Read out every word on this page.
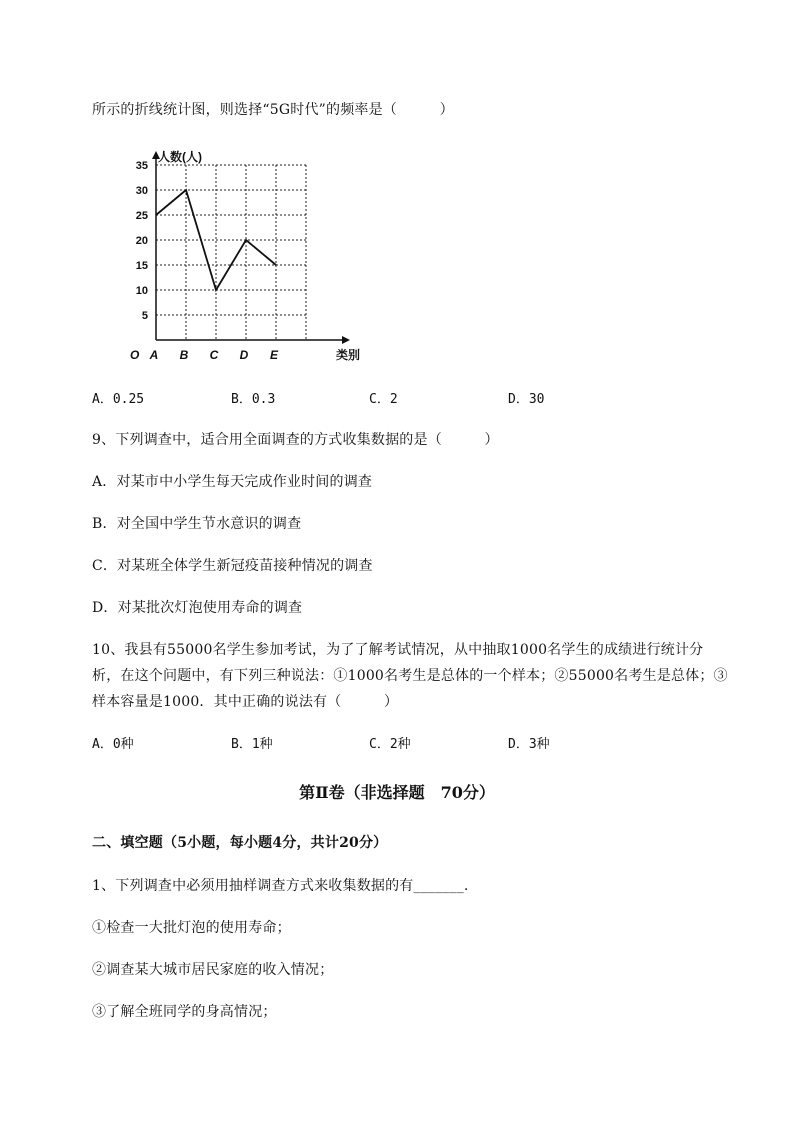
所示的折线统计图，则选择“5G时代”的频率是（　　　）
5
10
15
20
25
30
35
人数(人)
O A B C D E	类别
A．0.25	B．0.3	C．2	D．30
9、下列调查中，适合用全面调查的方式收集数据的是（　　　）
A．对某市中小学生每天完成作业时间的调查
B．对全国中学生节水意识的调查
C．对某班全体学生新冠疫苗接种情况的调查
D．对某批次灯泡使用寿命的调查
10、我县有55000名学生参加考试，为了了解考试情况，从中抽取1000名学生的成绩进行统计分
析，在这个问题中，有下列三种说法：①1000名考生是总体的一个样本；②55000名考生是总体；③
样本容量是1000．其中正确的说法有（　　　）
A．0种	B．1种	C．2种	D．3种
第Ⅱ卷（非选择题　70分）
二、填空题（5小题，每小题4分，共计20分）
1、下列调查中必须用抽样调查方式来收集数据的有_______.
①检查一大批灯泡的使用寿命；
②调查某大城市居民家庭的收入情况；
③了解全班同学的身高情况；
